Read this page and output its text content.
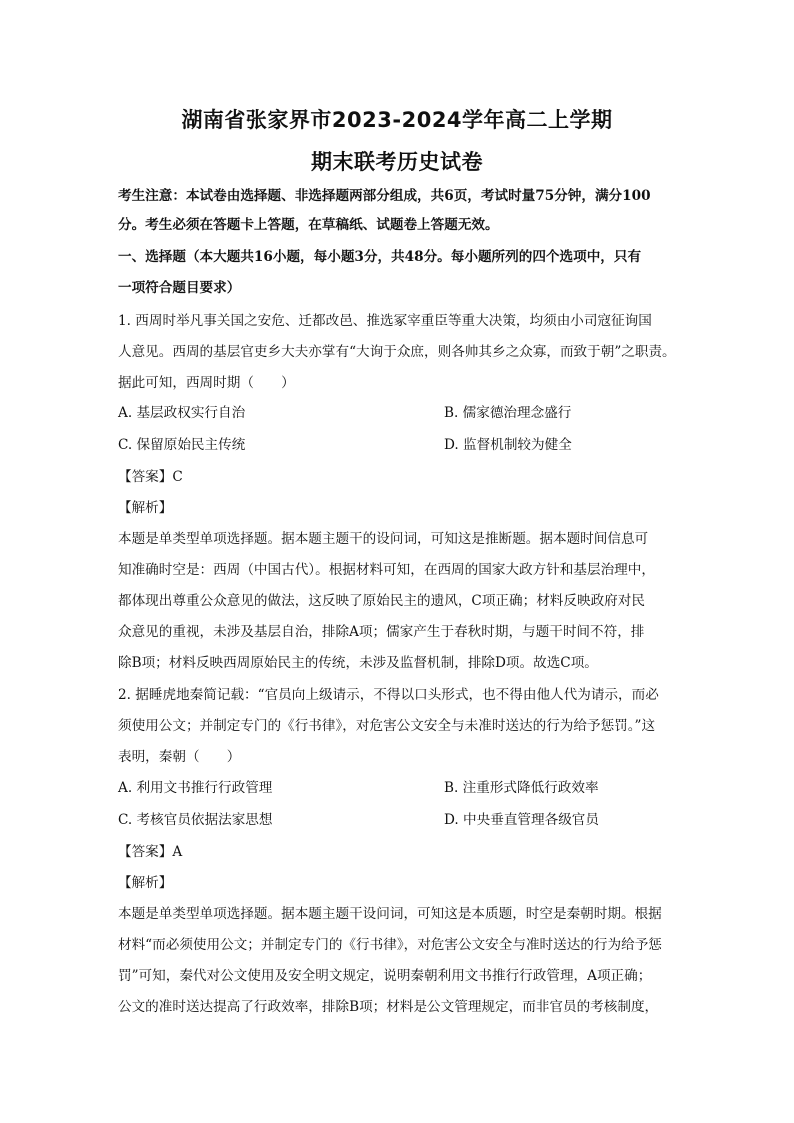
湖南省张家界市2023-2024学年高二上学期
期末联考历史试卷
考生注意：本试卷由选择题、非选择题两部分组成，共6页，考试时量75分钟，满分100
分。考生必须在答题卡上答题，在草稿纸、试题卷上答题无效。
一、选择题（本大题共16小题，每小题3分，共48分。每小题所列的四个选项中，只有
一项符合题目要求）
1. 西周时举凡事关国之安危、迁都改邑、推选冢宰重臣等重大决策，均须由小司寇征询国
人意见。西周的基层官吏乡大夫亦掌有“大询于众庶，则各帅其乡之众寡，而致于朝”之职责。
据此可知，西周时期（　　）
A. 基层政权实行自治	B. 儒家德治理念盛行
C. 保留原始民主传统	D. 监督机制较为健全
【答案】C
【解析】
本题是单类型单项选择题。据本题主题干的设问词，可知这是推断题。据本题时间信息可
知准确时空是：西周（中国古代）。根据材料可知，在西周的国家大政方针和基层治理中，
都体现出尊重公众意见的做法，这反映了原始民主的遗风，C项正确；材料反映政府对民
众意见的重视，未涉及基层自治，排除A项；儒家产生于春秋时期，与题干时间不符，排
除B项；材料反映西周原始民主的传统，未涉及监督机制，排除D项。故选C项。
2. 据睡虎地秦简记载：“官员向上级请示，不得以口头形式，也不得由他人代为请示，而必
须使用公文；并制定专门的《行书律》，对危害公文安全与未准时送达的行为给予惩罚。”这
表明，秦朝（　　）
A. 利用文书推行行政管理	B. 注重形式降低行政效率
C. 考核官员依据法家思想	D. 中央垂直管理各级官员
【答案】A
【解析】
本题是单类型单项选择题。据本题主题干设问词，可知这是本质题，时空是秦朝时期。根据
材料“而必须使用公文；并制定专门的《行书律》，对危害公文安全与准时送达的行为给予惩
罚”可知，秦代对公文使用及安全明文规定，说明秦朝利用文书推行行政管理，A项正确；
公文的准时送达提高了行政效率，排除B项；材料是公文管理规定，而非官员的考核制度，
